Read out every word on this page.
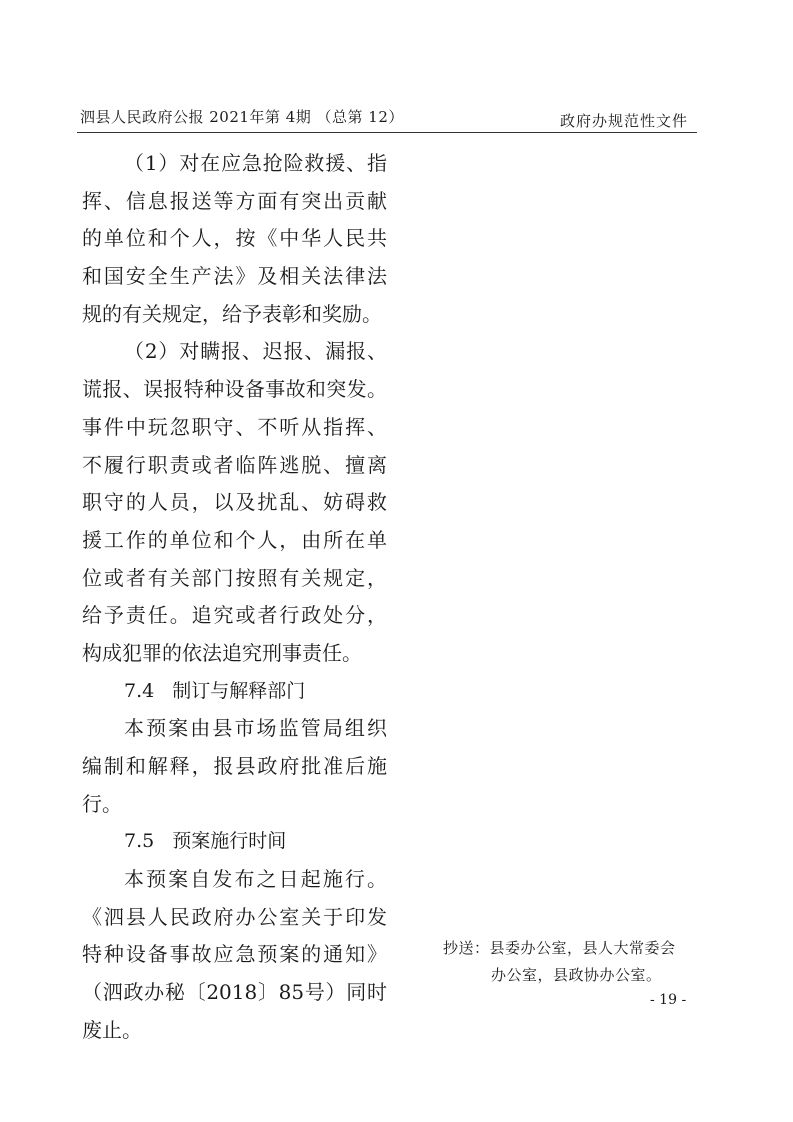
泗县人民政府公报 2021年第 4期 （总第 12）	政府办规范性文件
（1）对在应急抢险救援、指
挥、信息报送等方面有突出贡献
的单位和个人，按《中华人民共
和国安全生产法》及相关法律法
规的有关规定，给予表彰和奖励。
（2）对瞒报、迟报、漏报、
谎报、误报特种设备事故和突发。
事件中玩忽职守、不听从指挥、
不履行职责或者临阵逃脱、擅离
职守的人员，以及扰乱、妨碍救
援工作的单位和个人，由所在单
位或者有关部门按照有关规定，
给予责任。追究或者行政处分，
构成犯罪的依法追究刑事责任。
7.4 制订与解释部门
本预案由县市场监管局组织
编制和解释，报县政府批准后施
行。
7.5 预案施行时间
本预案自发布之日起施行。
《泗县人民政府办公室关于印发
特种设备事故应急预案的通知》
（泗政办秘〔2018〕85号）同时
废止。
抄送：县委办公室，县人大常委会
办公室，县政协办公室。
- 19 -
